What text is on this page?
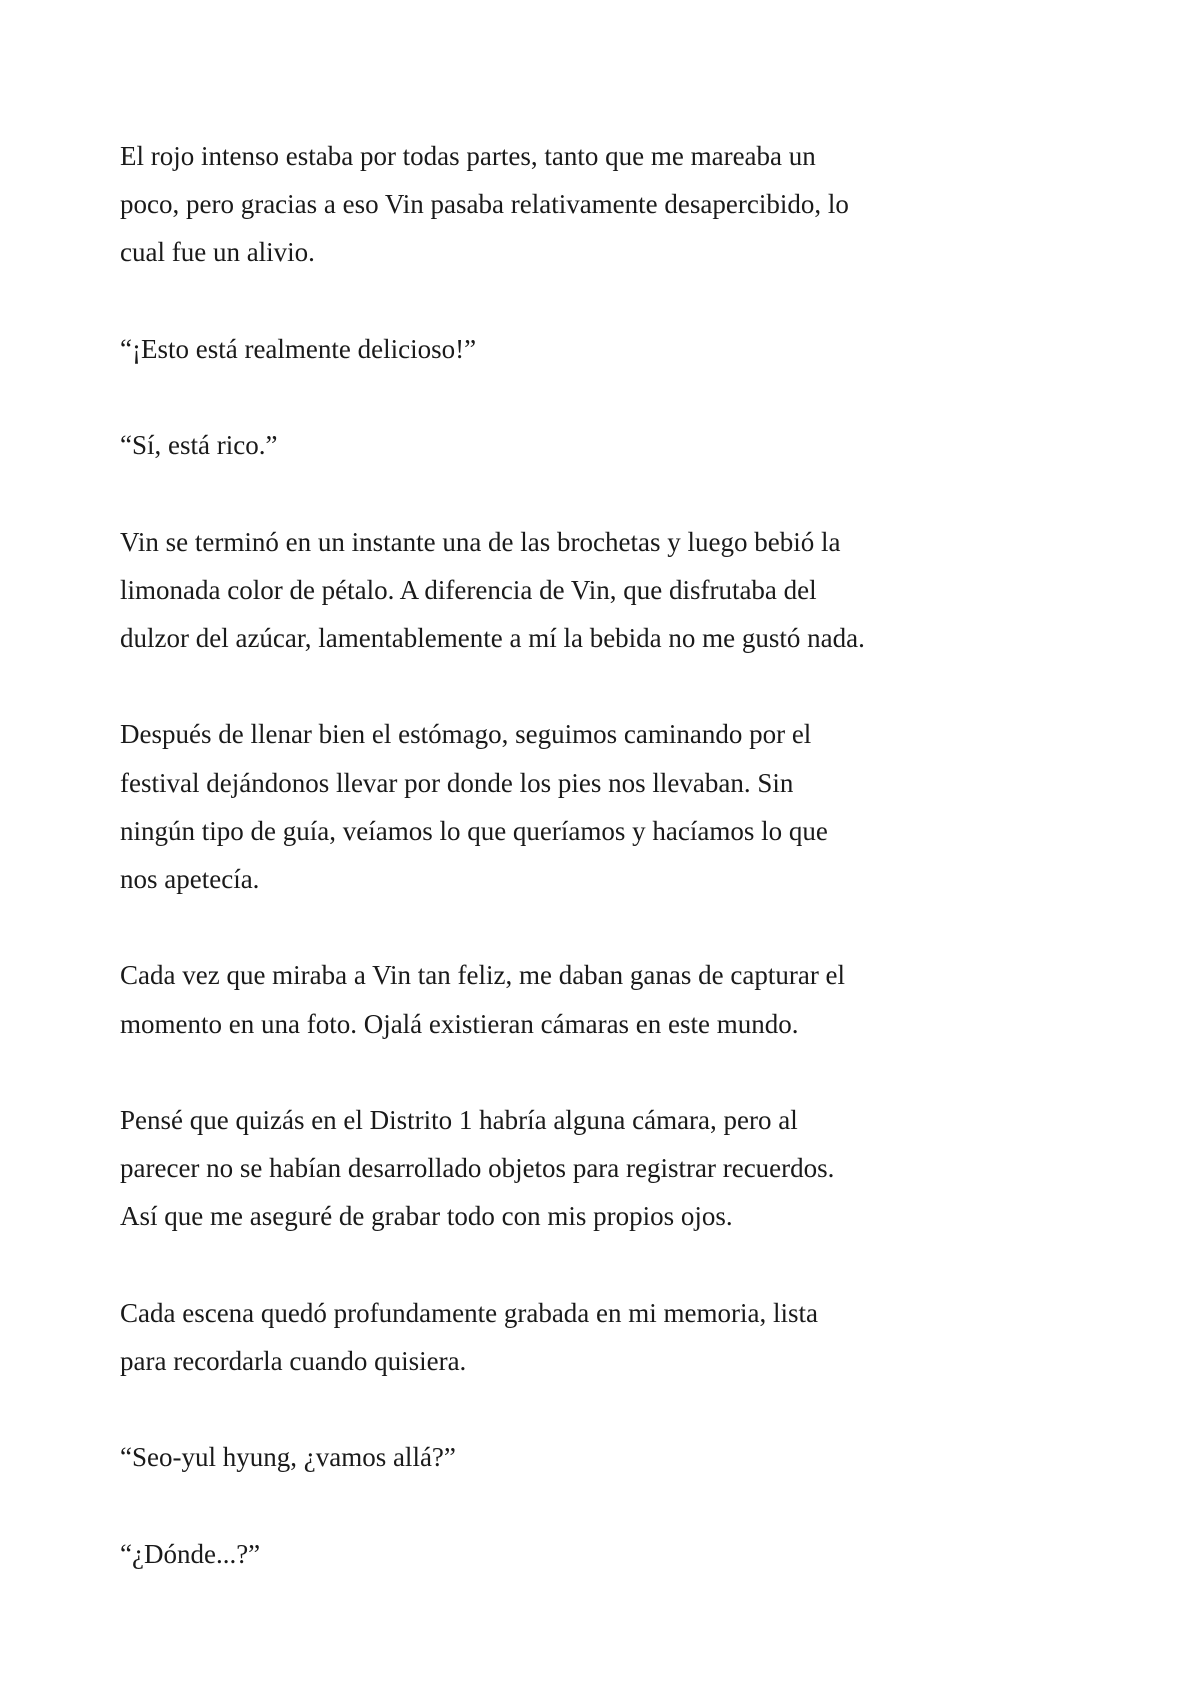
El rojo intenso estaba por todas partes, tanto que me mareaba un
poco, pero gracias a eso Vin pasaba relativamente desapercibido, lo
cual fue un alivio.

“¡Esto está realmente delicioso!”

“Sí, está rico.”

Vin se terminó en un instante una de las brochetas y luego bebió la
limonada color de pétalo. A diferencia de Vin, que disfrutaba del
dulzor del azúcar, lamentablemente a mí la bebida no me gustó nada.

Después de llenar bien el estómago, seguimos caminando por el
festival dejándonos llevar por donde los pies nos llevaban. Sin
ningún tipo de guía, veíamos lo que queríamos y hacíamos lo que
nos apetecía.

Cada vez que miraba a Vin tan feliz, me daban ganas de capturar el
momento en una foto. Ojalá existieran cámaras en este mundo.

Pensé que quizás en el Distrito 1 habría alguna cámara, pero al
parecer no se habían desarrollado objetos para registrar recuerdos.
Así que me aseguré de grabar todo con mis propios ojos.

Cada escena quedó profundamente grabada en mi memoria, lista
para recordarla cuando quisiera.

“Seo-yul hyung, ¿vamos allá?”

“¿Dónde...?”
